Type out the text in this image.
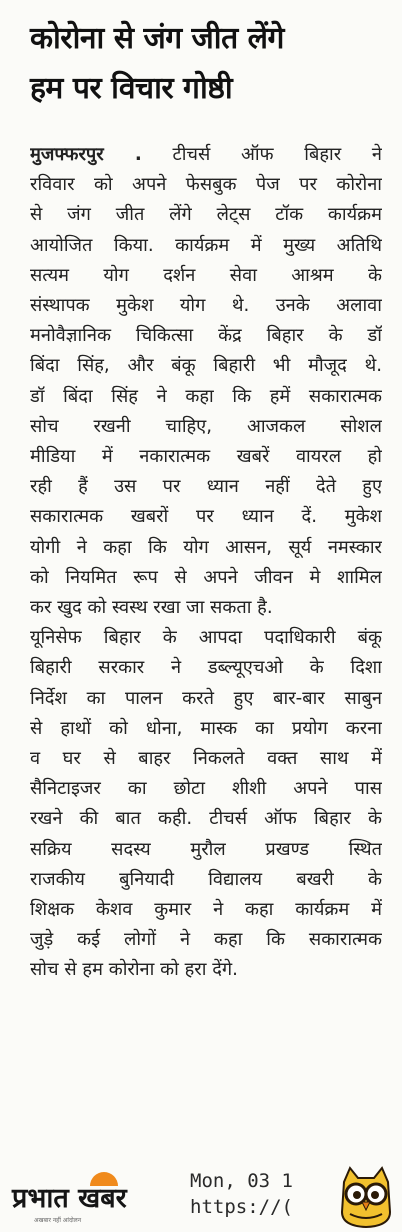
कोरोना से जंग जीत लेंगे
हम पर विचार गोष्ठी
मुजफ्फरपुर . टीचर्स ऑफ बिहार ने
रविवार को अपने फेसबुक पेज पर कोरोना
से जंग जीत लेंगे लेट्स टॉक कार्यक्रम
आयोजित किया. कार्यक्रम में मुख्य अतिथि
सत्यम योग दर्शन सेवा आश्रम के
संस्थापक मुकेश योग थे. उनके अलावा
मनोवैज्ञानिक चिकित्सा केंद्र बिहार के डॉ
बिंदा सिंह, और बंकू बिहारी भी मौजूद थे.
डॉ बिंदा सिंह ने कहा कि हमें सकारात्मक
सोच रखनी चाहिए, आजकल सोशल
मीडिया में नकारात्मक खबरें वायरल हो
रही हैं उस पर ध्यान नहीं देते हुए
सकारात्मक खबरों पर ध्यान दें. मुकेश
योगी ने कहा कि योग आसन, सूर्य नमस्कार
को नियमित रूप से अपने जीवन मे शामिल
कर खुद को स्वस्थ रखा जा सकता है.
यूनिसेफ बिहार के आपदा पदाधिकारी बंकू
बिहारी सरकार ने डब्ल्यूएचओ के दिशा
निर्देश का पालन करते हुए बार-बार साबुन
से हाथों को धोना, मास्क का प्रयोग करना
व घर से बाहर निकलते वक्त साथ में
सैनिटाइजर का छोटा शीशी अपने पास
रखने की बात कही. टीचर्स ऑफ बिहार के
सक्रिय सदस्य मुरौल प्रखण्ड स्थित
राजकीय बुनियादी विद्यालय बखरी के
शिक्षक केशव कुमार ने कहा कार्यक्रम में
जुड़े कई लोगों ने कहा कि सकारात्मक
सोच से हम कोरोना को हरा देंगे.
प्रभात खबर
अखबार नहीं आंदोलन
Mon, 03 1
https://(
